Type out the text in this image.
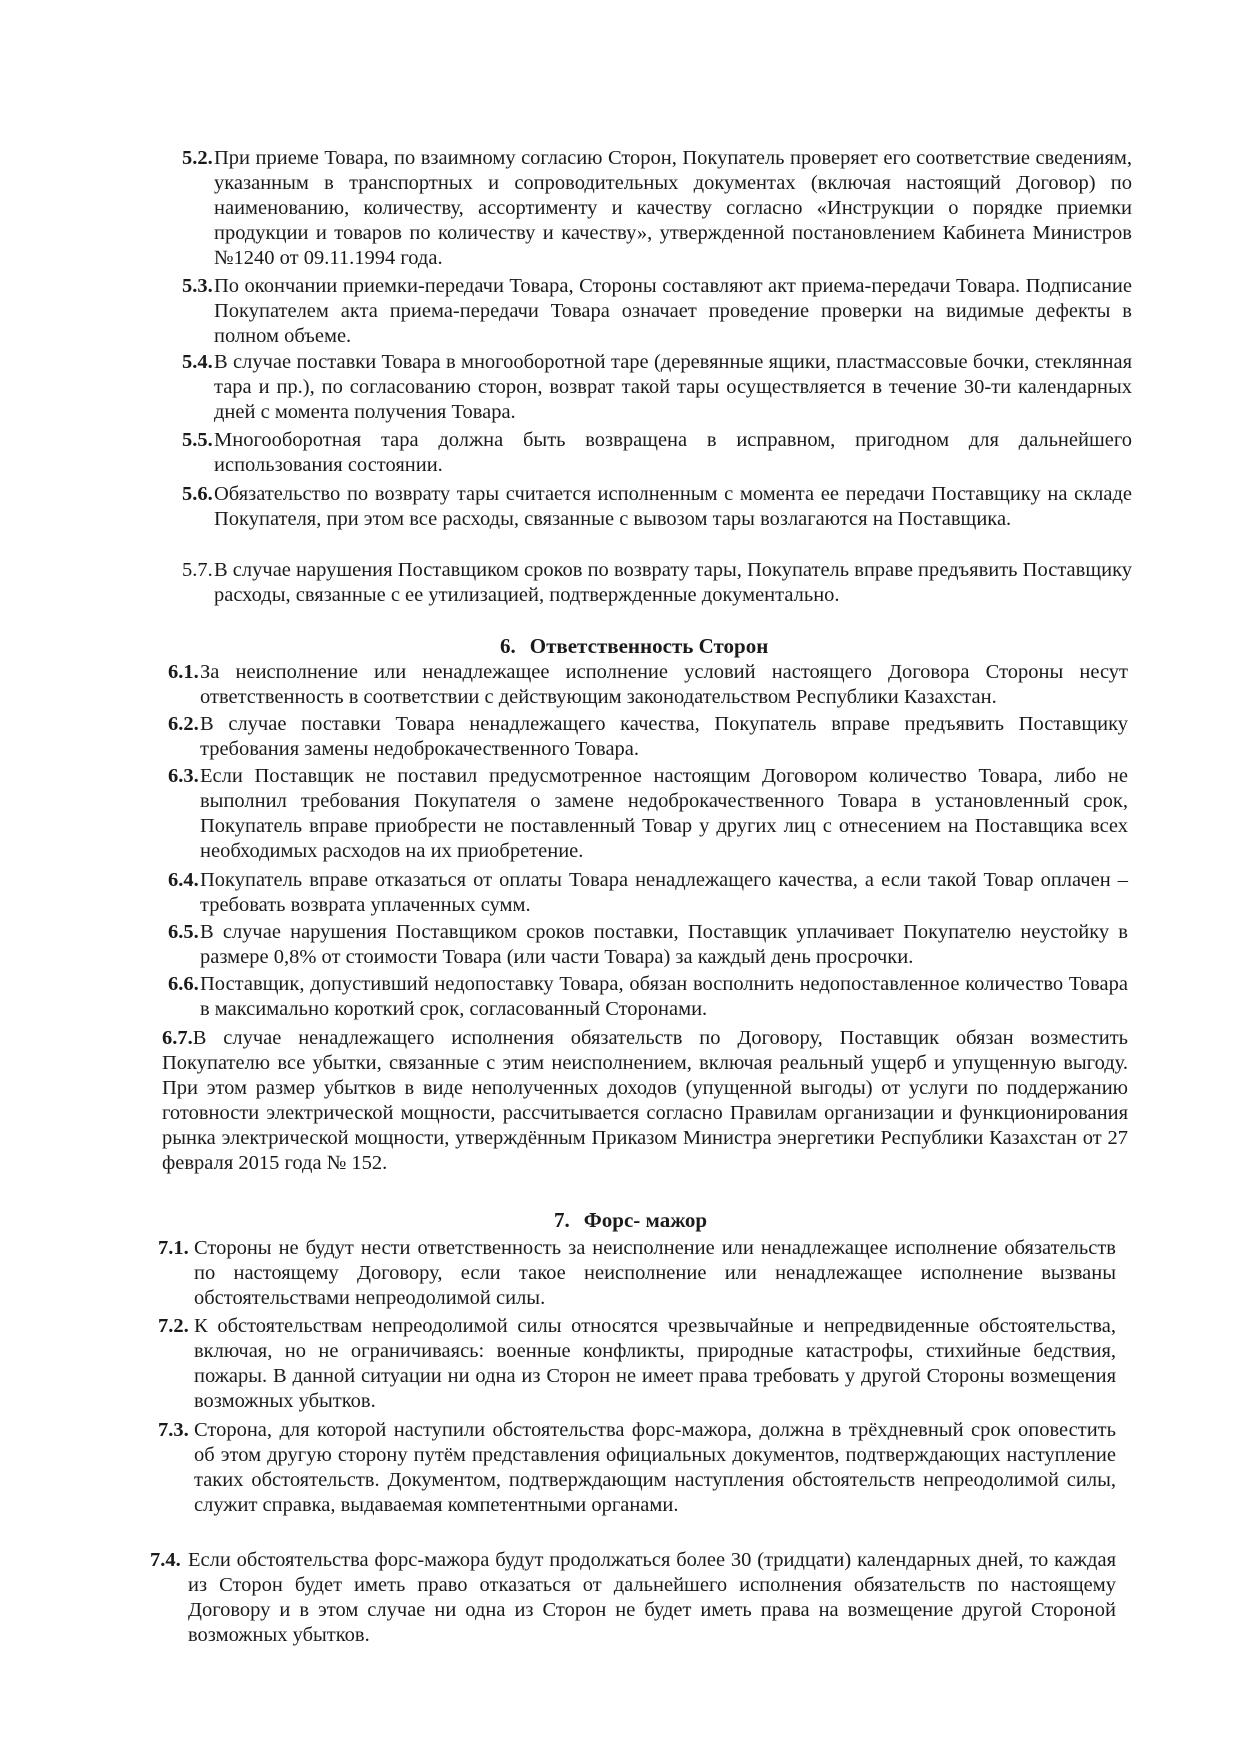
5.2. При приеме Товара, по взаимному согласию Сторон, Покупатель проверяет его соответствие сведениям, указанным в транспортных и сопроводительных документах (включая настоящий Договор) по наименованию, количеству, ассортименту и качеству согласно «Инструкции о порядке приемки продукции и товаров по количеству и качеству», утвержденной постановлением Кабинета Министров №1240 от 09.11.1994 года.
5.3. По окончании приемки-передачи Товара, Стороны составляют акт приема-передачи Товара. Подписание Покупателем акта приема-передачи Товара означает проведение проверки на видимые дефекты в полном объеме.
5.4. В случае поставки Товара в многооборотной таре (деревянные ящики, пластмассовые бочки, стеклянная тара и пр.), по согласованию сторон, возврат такой тары осуществляется в течение 30-ти календарных дней с момента получения Товара.
5.5. Многооборотная тара должна быть возвращена в исправном, пригодном для дальнейшего использования состоянии.
5.6. Обязательство по возврату тары считается исполненным с момента ее передачи Поставщику на складе Покупателя, при этом все расходы, связанные с вывозом тары возлагаются на Поставщика.
5.7. В случае нарушения Поставщиком сроков по возврату тары, Покупатель вправе предъявить Поставщику расходы, связанные с ее утилизацией, подтвержденные документально.
6. Ответственность Сторон
6.1. За неисполнение или ненадлежащее исполнение условий настоящего Договора Стороны несут ответственность в соответствии с действующим законодательством Республики Казахстан.
6.2. В случае поставки Товара ненадлежащего качества, Покупатель вправе предъявить Поставщику требования замены недоброкачественного Товара.
6.3. Если Поставщик не поставил предусмотренное настоящим Договором количество Товара, либо не выполнил требования Покупателя о замене недоброкачественного Товара в установленный срок, Покупатель вправе приобрести не поставленный Товар у других лиц с отнесением на Поставщика всех необходимых расходов на их приобретение.
6.4. Покупатель вправе отказаться от оплаты Товара ненадлежащего качества, а если такой Товар оплачен – требовать возврата уплаченных сумм.
6.5. В случае нарушения Поставщиком сроков поставки, Поставщик уплачивает Покупателю неустойку в размере 0,8% от стоимости Товара (или части Товара) за каждый день просрочки.
6.6. Поставщик, допустивший недопоставку Товара, обязан восполнить недопоставленное количество Товара в максимально короткий срок, согласованный Сторонами.
6.7.В случае ненадлежащего исполнения обязательств по Договору, Поставщик обязан возместить Покупателю все убытки, связанные с этим неисполнением, включая реальный ущерб и упущенную выгоду. При этом размер убытков в виде неполученных доходов (упущенной выгоды) от услуги по поддержанию готовности электрической мощности, рассчитывается согласно Правилам организации и функционирования рынка электрической мощности, утверждённым Приказом Министра энергетики Республики Казахстан от 27 февраля 2015 года № 152.
7. Форс- мажор
7.1. Стороны не будут нести ответственность за неисполнение или ненадлежащее исполнение обязательств по настоящему Договору, если такое неисполнение или ненадлежащее исполнение вызваны обстоятельствами непреодолимой силы.
7.2. К обстоятельствам непреодолимой силы относятся чрезвычайные и непредвиденные обстоятельства, включая, но не ограничиваясь: военные конфликты, природные катастрофы, стихийные бедствия, пожары. В данной ситуации ни одна из Сторон не имеет права требовать у другой Стороны возмещения возможных убытков.
7.3. Сторона, для которой наступили обстоятельства форс-мажора, должна в трёхдневный срок оповестить об этом другую сторону путём представления официальных документов, подтверждающих наступление таких обстоятельств. Документом, подтверждающим наступления обстоятельств непреодолимой силы, служит справка, выдаваемая компетентными органами.
7.4. Если обстоятельства форс-мажора будут продолжаться более 30 (тридцати) календарных дней, то каждая из Сторон будет иметь право отказаться от дальнейшего исполнения обязательств по настоящему Договору и в этом случае ни одна из Сторон не будет иметь права на возмещение другой Стороной возможных убытков.
